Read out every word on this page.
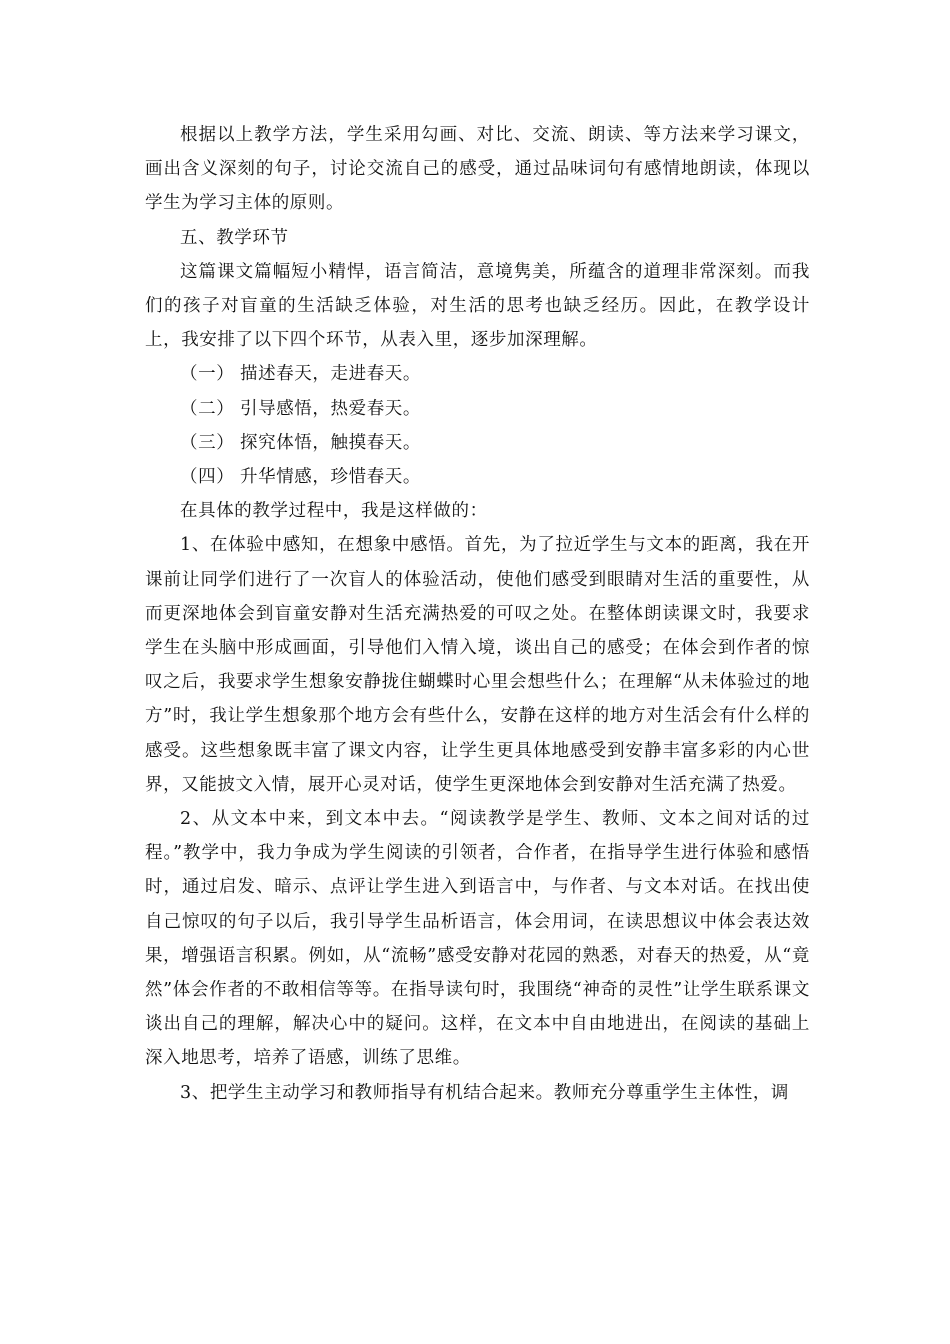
根据以上教学方法，学生采用勾画、对比、交流、朗读、等方法来学习课文，画出含义深刻的句子，讨论交流自己的感受，通过品味词句有感情地朗读，体现以学生为学习主体的原则。

五、教学环节

这篇课文篇幅短小精悍，语言简洁，意境隽美，所蕴含的道理非常深刻。而我们的孩子对盲童的生活缺乏体验，对生活的思考也缺乏经历。因此，在教学设计上，我安排了以下四个环节，从表入里，逐步加深理解。

（一） 描述春天，走进春天。

（二） 引导感悟，热爱春天。

（三） 探究体悟，触摸春天。

（四） 升华情感，珍惜春天。

在具体的教学过程中，我是这样做的：

1、在体验中感知，在想象中感悟。首先，为了拉近学生与文本的距离，我在开课前让同学们进行了一次盲人的体验活动，使他们感受到眼睛对生活的重要性，从而更深地体会到盲童安静对生活充满热爱的可叹之处。在整体朗读课文时，我要求学生在头脑中形成画面，引导他们入情入境，谈出自己的感受；在体会到作者的惊叹之后，我要求学生想象安静拢住蝴蝶时心里会想些什么；在理解“从未体验过的地方”时，我让学生想象那个地方会有些什么，安静在这样的地方对生活会有什么样的感受。这些想象既丰富了课文内容，让学生更具体地感受到安静丰富多彩的内心世界，又能披文入情，展开心灵对话，使学生更深地体会到安静对生活充满了热爱。

2、从文本中来，到文本中去。“阅读教学是学生、教师、文本之间对话的过程。”教学中，我力争成为学生阅读的引领者，合作者，在指导学生进行体验和感悟时，通过启发、暗示、点评让学生进入到语言中，与作者、与文本对话。在找出使自己惊叹的句子以后，我引导学生品析语言，体会用词，在读思想议中体会表达效果，增强语言积累。例如，从“流畅”感受安静对花园的熟悉，对春天的热爱，从“竟然”体会作者的不敢相信等等。在指导读句时，我围绕“神奇的灵性”让学生联系课文谈出自己的理解，解决心中的疑问。这样，在文本中自由地进出，在阅读的基础上深入地思考，培养了语感，训练了思维。

3、把学生主动学习和教师指导有机结合起来。教师充分尊重学生主体性，调
